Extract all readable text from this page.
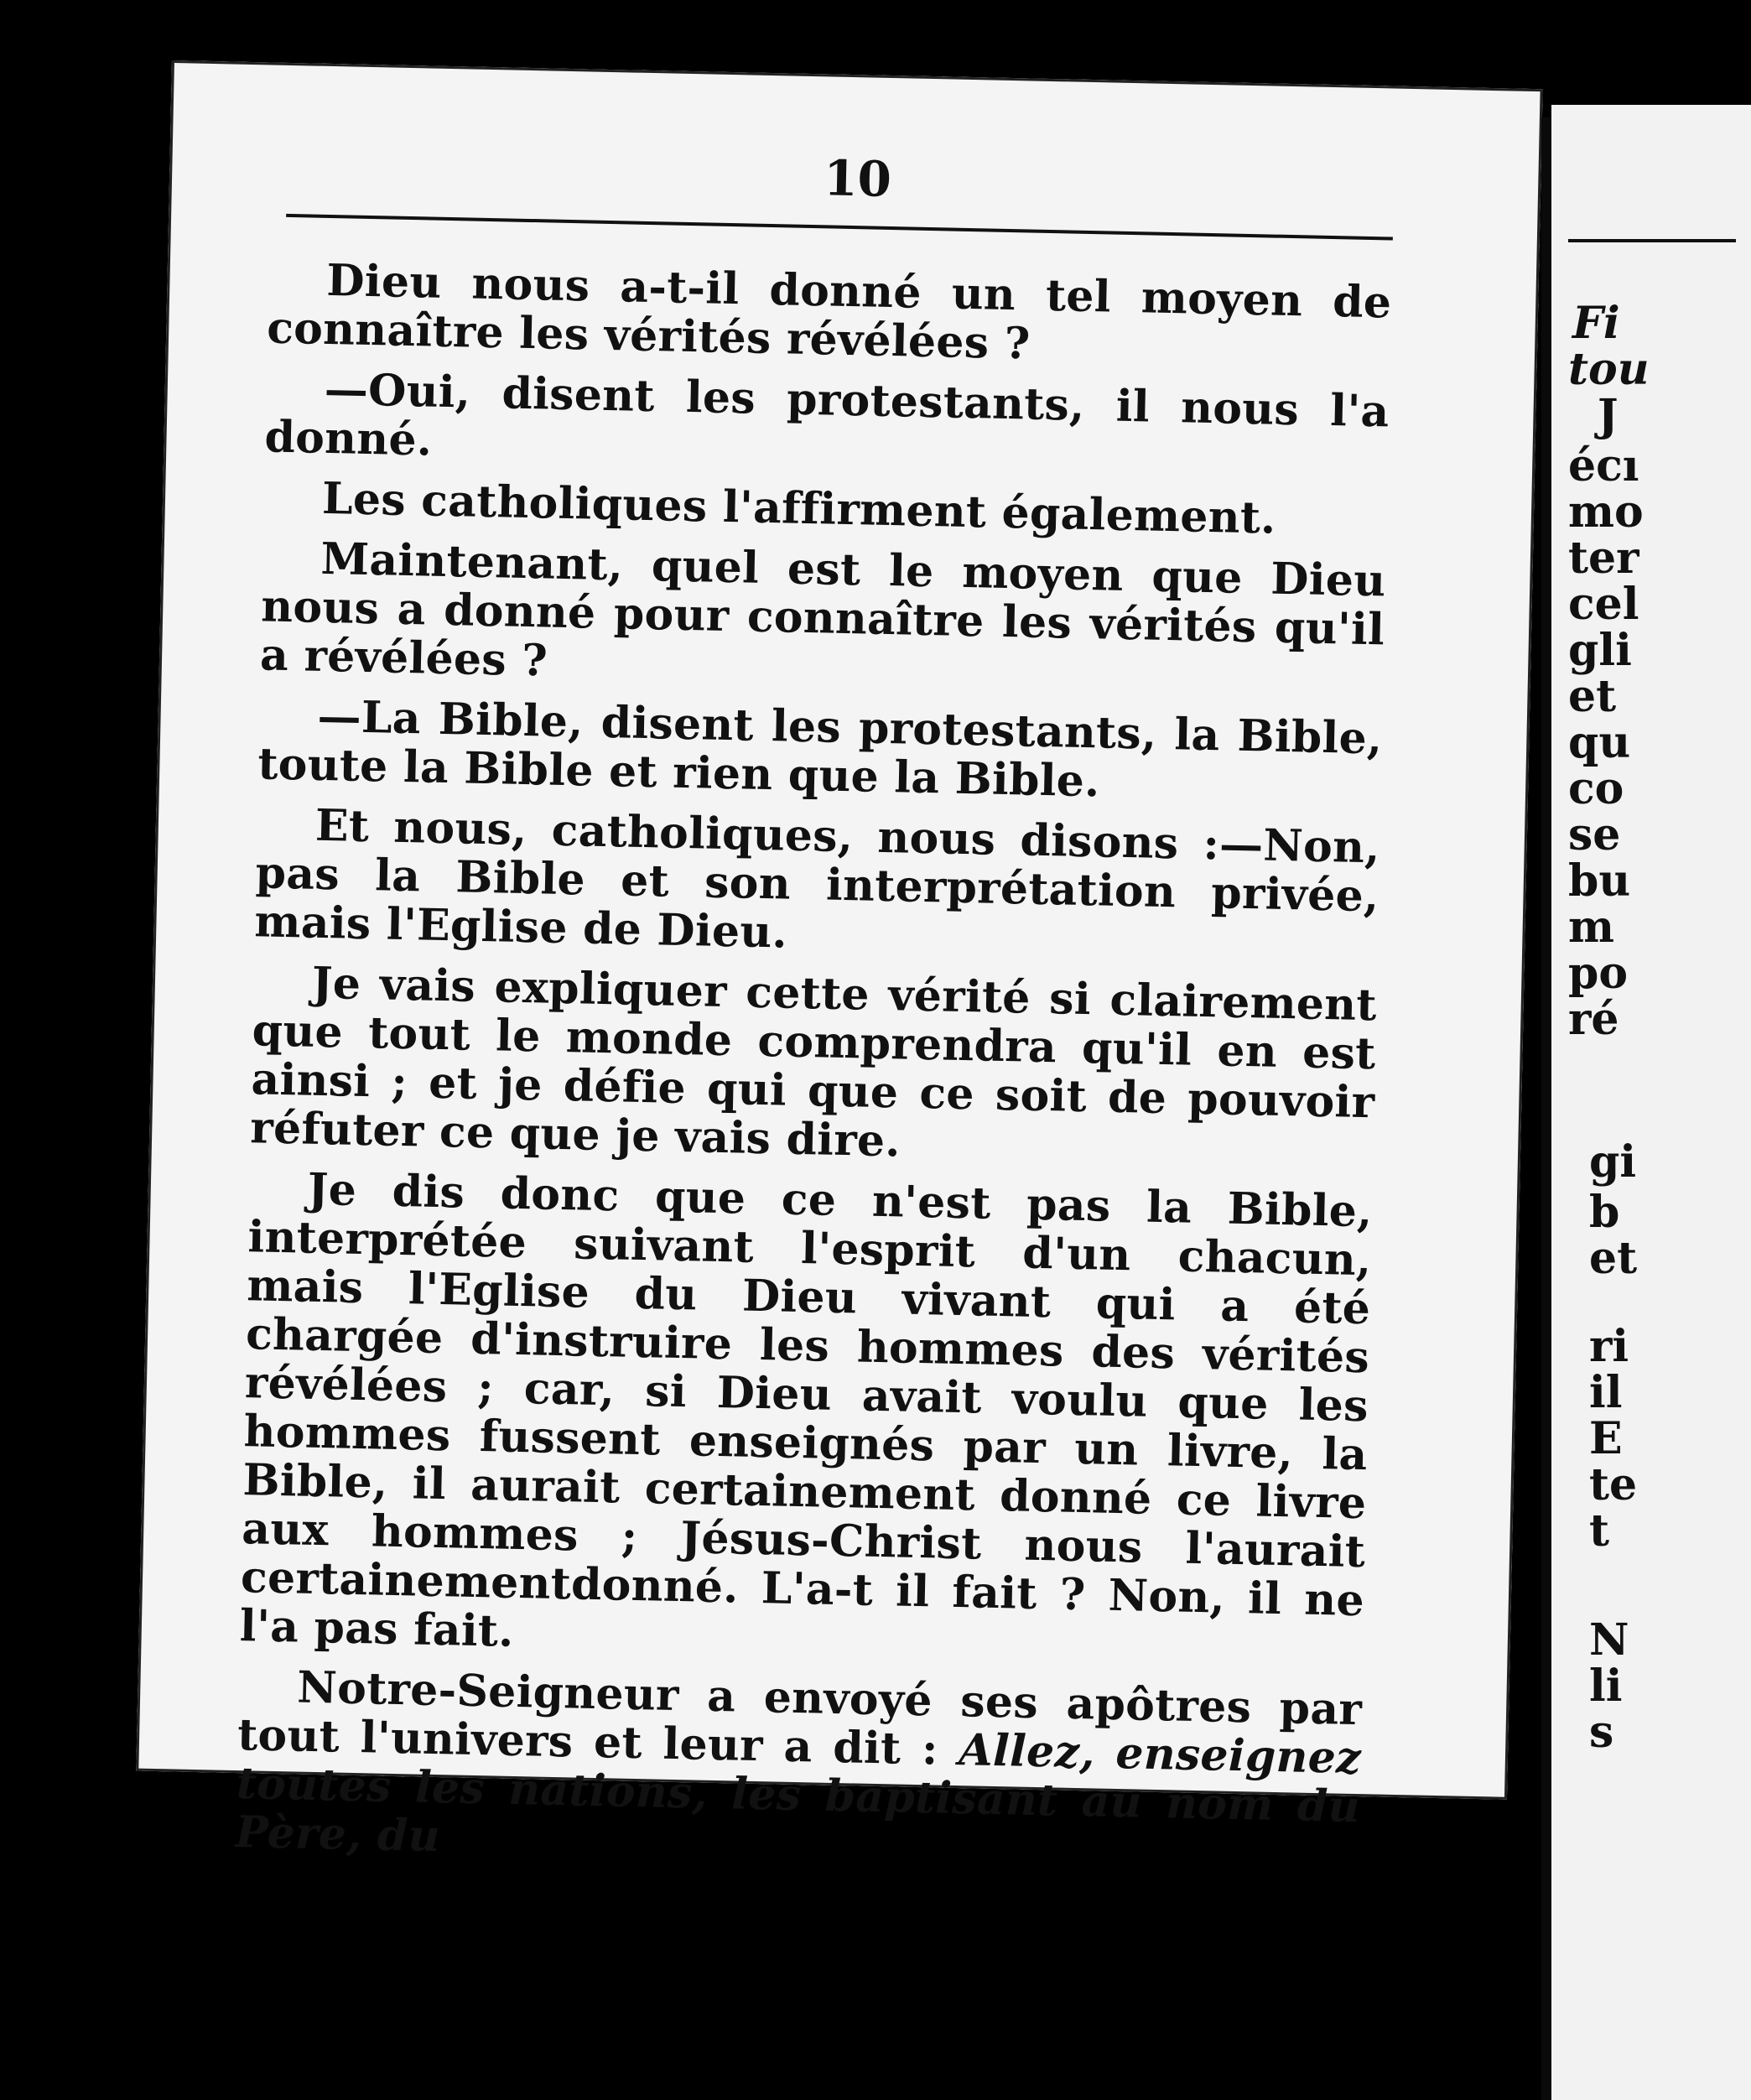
10

Dieu nous a-t-il donné un tel moyen de connaître les vérités révélées ?

—Oui, disent les protestants, il nous l'a donné.

Les catholiques l'affirment également.

Maintenant, quel est le moyen que Dieu nous a donné pour connaître les vérités qu'il a révélées ?

—La Bible, disent les protestants, la Bible, toute la Bible et rien que la Bible.

Et nous, catholiques, nous disons :—Non, pas la Bible et son interprétation privée, mais l'Eglise de Dieu.

Je vais expliquer cette vérité si clairement que tout le monde comprendra qu'il en est ainsi ; et je défie qui que ce soit de pouvoir réfuter ce que je vais dire.

Je dis donc que ce n'est pas la Bible, interprétée suivant l'esprit d'un chacun, mais l'Eglise du Dieu vivant qui a été chargée d'instruire les hommes des vérités révélées ; car, si Dieu avait voulu que les hommes fussent enseignés par un livre, la Bible, il aurait certainement donné ce livre aux hommes ; Jésus-Christ nous l'aurait certainementdonné. L'a-t il fait ? Non, il ne l'a pas fait.

Notre-Seigneur a envoyé ses apôtres par tout l'univers et leur a dit : Allez, enseignez toutes les nations, les baptisant au nom du Père, du

Fi
tou
J
écı
mo
ter
cel
gli
et
qu
co
se
bu
m
po
ré
gi
b
et
ri
il
E
te
t
N
li
s
